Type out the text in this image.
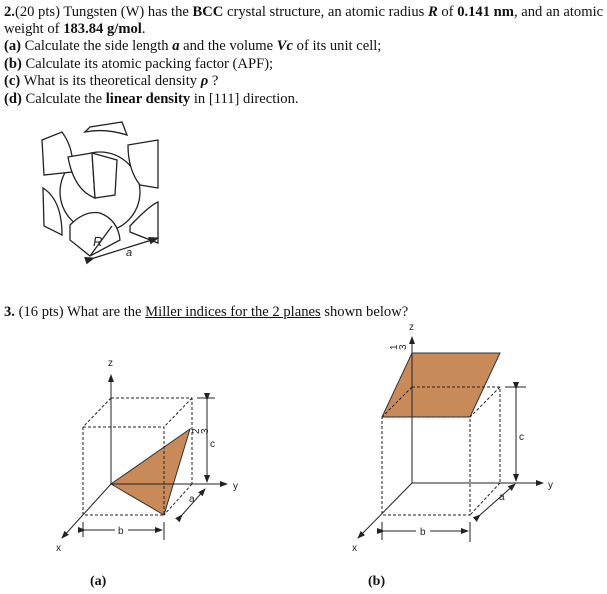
2.(20 pts) Tungsten (W) has the BCC crystal structure, an atomic radius R of 0.141 nm, and an atomic
weight of 183.84 g/mol.
(a) Calculate the side length a and the volume Vc of its unit cell;
(b) Calculate its atomic packing factor (APF);
(c) What is its theoretical density ρ ?
(d) Calculate the linear density in [111] direction.
3. (16 pts) What are the Miller indices for the 2 planes shown below?
R
a
z
y
x
c
a
b
2
3
z
y
x
c
a
b
1
3
(a)	(b)
